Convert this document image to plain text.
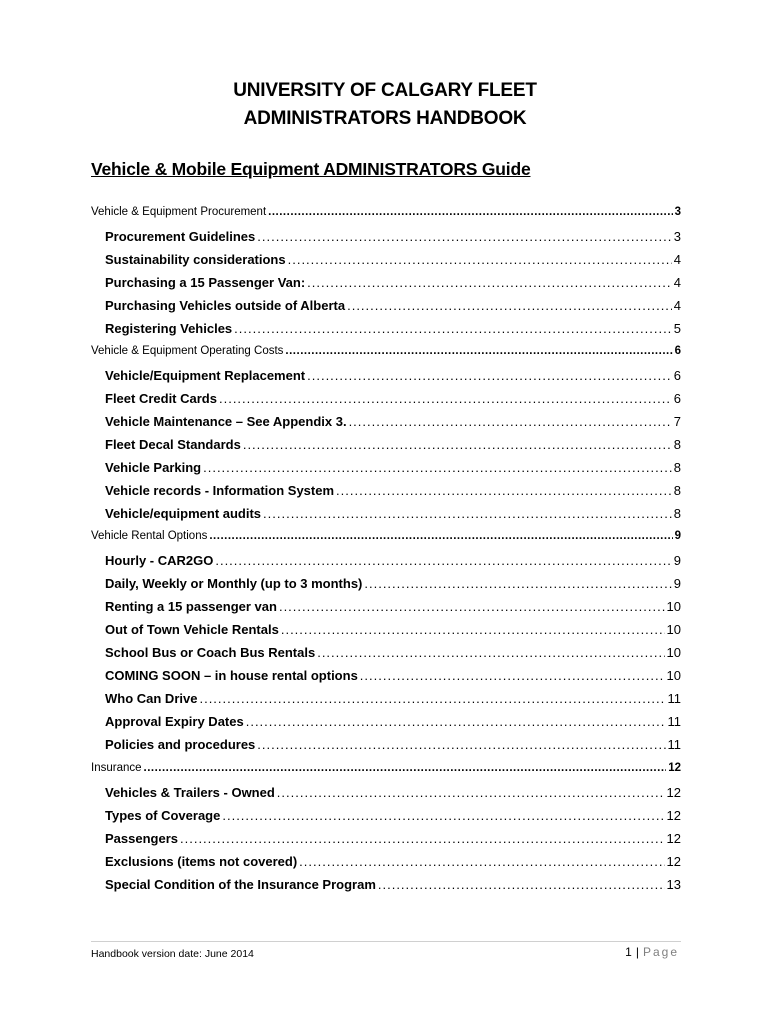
UNIVERSITY OF CALGARY FLEET
ADMINISTRATORS HANDBOOK
Vehicle & Mobile Equipment ADMINISTRATORS Guide
Vehicle & Equipment Procurement .....	3
Procurement Guidelines .....	3
Sustainability considerations .....	4
Purchasing a 15 Passenger Van: .....	4
Purchasing Vehicles outside of Alberta .....	4
Registering Vehicles .....	5
Vehicle & Equipment Operating Costs .....	6
Vehicle/Equipment Replacement .....	6
Fleet Credit Cards .....	6
Vehicle Maintenance – See Appendix 3. .....	7
Fleet Decal Standards .....	8
Vehicle Parking .....	8
Vehicle records - Information System .....	8
Vehicle/equipment audits .....	8
Vehicle Rental Options .....	9
Hourly - CAR2GO .....	9
Daily, Weekly or Monthly (up to 3 months) .....	9
Renting a 15 passenger van .....	10
Out of Town Vehicle Rentals .....	10
School Bus or Coach Bus Rentals .....	10
COMING SOON – in house rental options .....	10
Who Can Drive .....	11
Approval Expiry Dates .....	11
Policies and procedures .....	11
Insurance .....	12
Vehicles & Trailers - Owned .....	12
Types of Coverage .....	12
Passengers .....	12
Exclusions (items not covered) .....	12
Special Condition of the Insurance Program .....	13
Handbook version date: June 2014	1 | Page
